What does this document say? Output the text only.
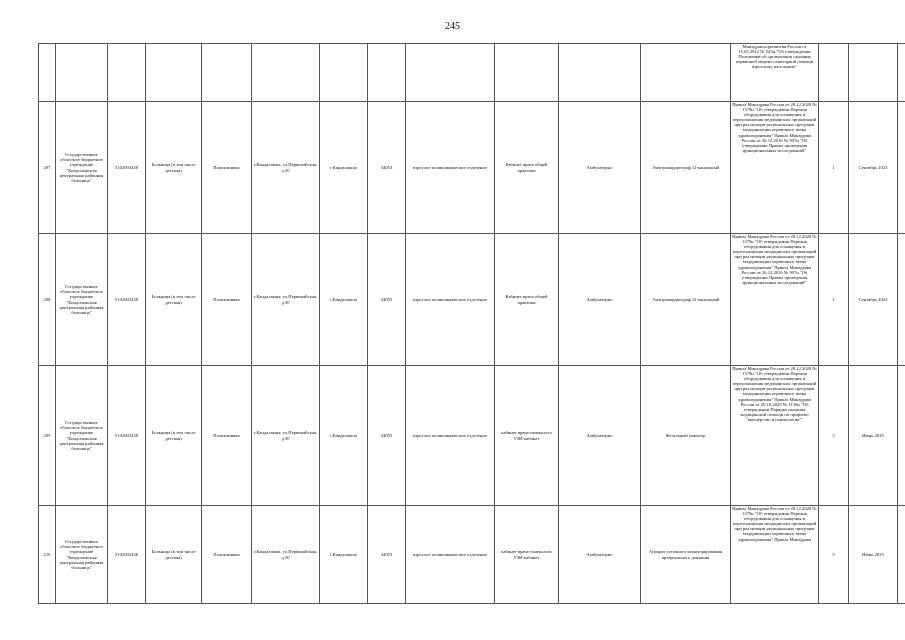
245
												Минздравсоцразвития России от 15.05.2012 № 543н "Об утверждении Положения об организации оказания первичной медико-санитарной помощи взрослому населению"			
207	Государственное областное бюджетное учреждение "Кондопожская центральная районная больница"	5102003438	Больница (в том числе детская)	Поликлиника	г.Кандалакша, ул.Первомайская, д.50	г.Кандалакша	34053	взрослое поликлиническое отделение	Кабинет врача общей практики	Амбулаторно	Электрокардиограф 12-канальный	Приказ Минздрава России от 28.12.2020 № 1379н "Об утверждении Перечня оборудования для оснащения и переоснащения медицинских организаций при реализации региональных программ модернизации первичного звена здравоохранения" Приказ Минздрава России от 26.12.2016 № 997н "Об утверждении Правил проведения функциональных исследований"	1	Сентябрь 2023	
208	Государственное областное бюджетное учреждение "Кондопожская центральная районная больница"	5102003438	Больница (в том числе детская)	Поликлиника	г.Кандалакша, ул.Первомайская, д.50	г.Кандалакша	34053	взрослое поликлиническое отделение	Кабинет врача общей практики	Амбулаторно	Электрокардиограф 12-канальный	Приказ Минздрава России от 28.12.2020 № 1379н "Об утверждении Перечня оборудования для оснащения и переоснащения медицинских организаций при реализации региональных программ модернизации первичного звена здравоохранения" Приказ Минздрава России от 26.12.2016 № 997н "Об утверждении Правил проведения функциональных исследований"	1	Сентябрь 2023	
209	Государственное областное бюджетное учреждение "Кондопожская центральная районная больница"	5102003438	Больница (в том числе детская)	Поликлиника	г.Кандалакша, ул.Первомайская, д.50	г.Кандалакша	34053	взрослое поликлиническое отделение	кабинет врача-гинеколога УЗИ-кабинет	Амбулаторно	Фетальный монитор	Приказ Минздрава России от 28.12.2020 № 1379н "Об утверждении Перечня оборудования для оснащения и переоснащения медицинских организаций при реализации региональных программ модернизации первичного звена здравоохранения" Приказ Минздрава России от 20.10.2020 № 1130н "Об утверждении Порядка оказания медицинской помощи по профилю "акушерство и гинекология""	5	Июнь 2025	
210	Государственное областное бюджетное учреждение "Кондопожская центральная районная больница"	5102003438	Больница (в том числе детская)	Поликлиника	г.Кандалакша, ул.Первомайская, д.50	г.Кандалакша	34053	взрослое поликлиническое отделение	кабинет врача-гинеколога УЗИ-кабинет	Амбулаторно	Аппарат суточного мониторирования артериального давления	Приказ Минздрава России от 28.12.2020 № 1379н "Об утверждении Перечня оборудования для оснащения и переоснащения медицинских организаций при реализации региональных программ модернизации первичного звена здравоохранения" Приказ Минздрава	5	Июнь 2025	
